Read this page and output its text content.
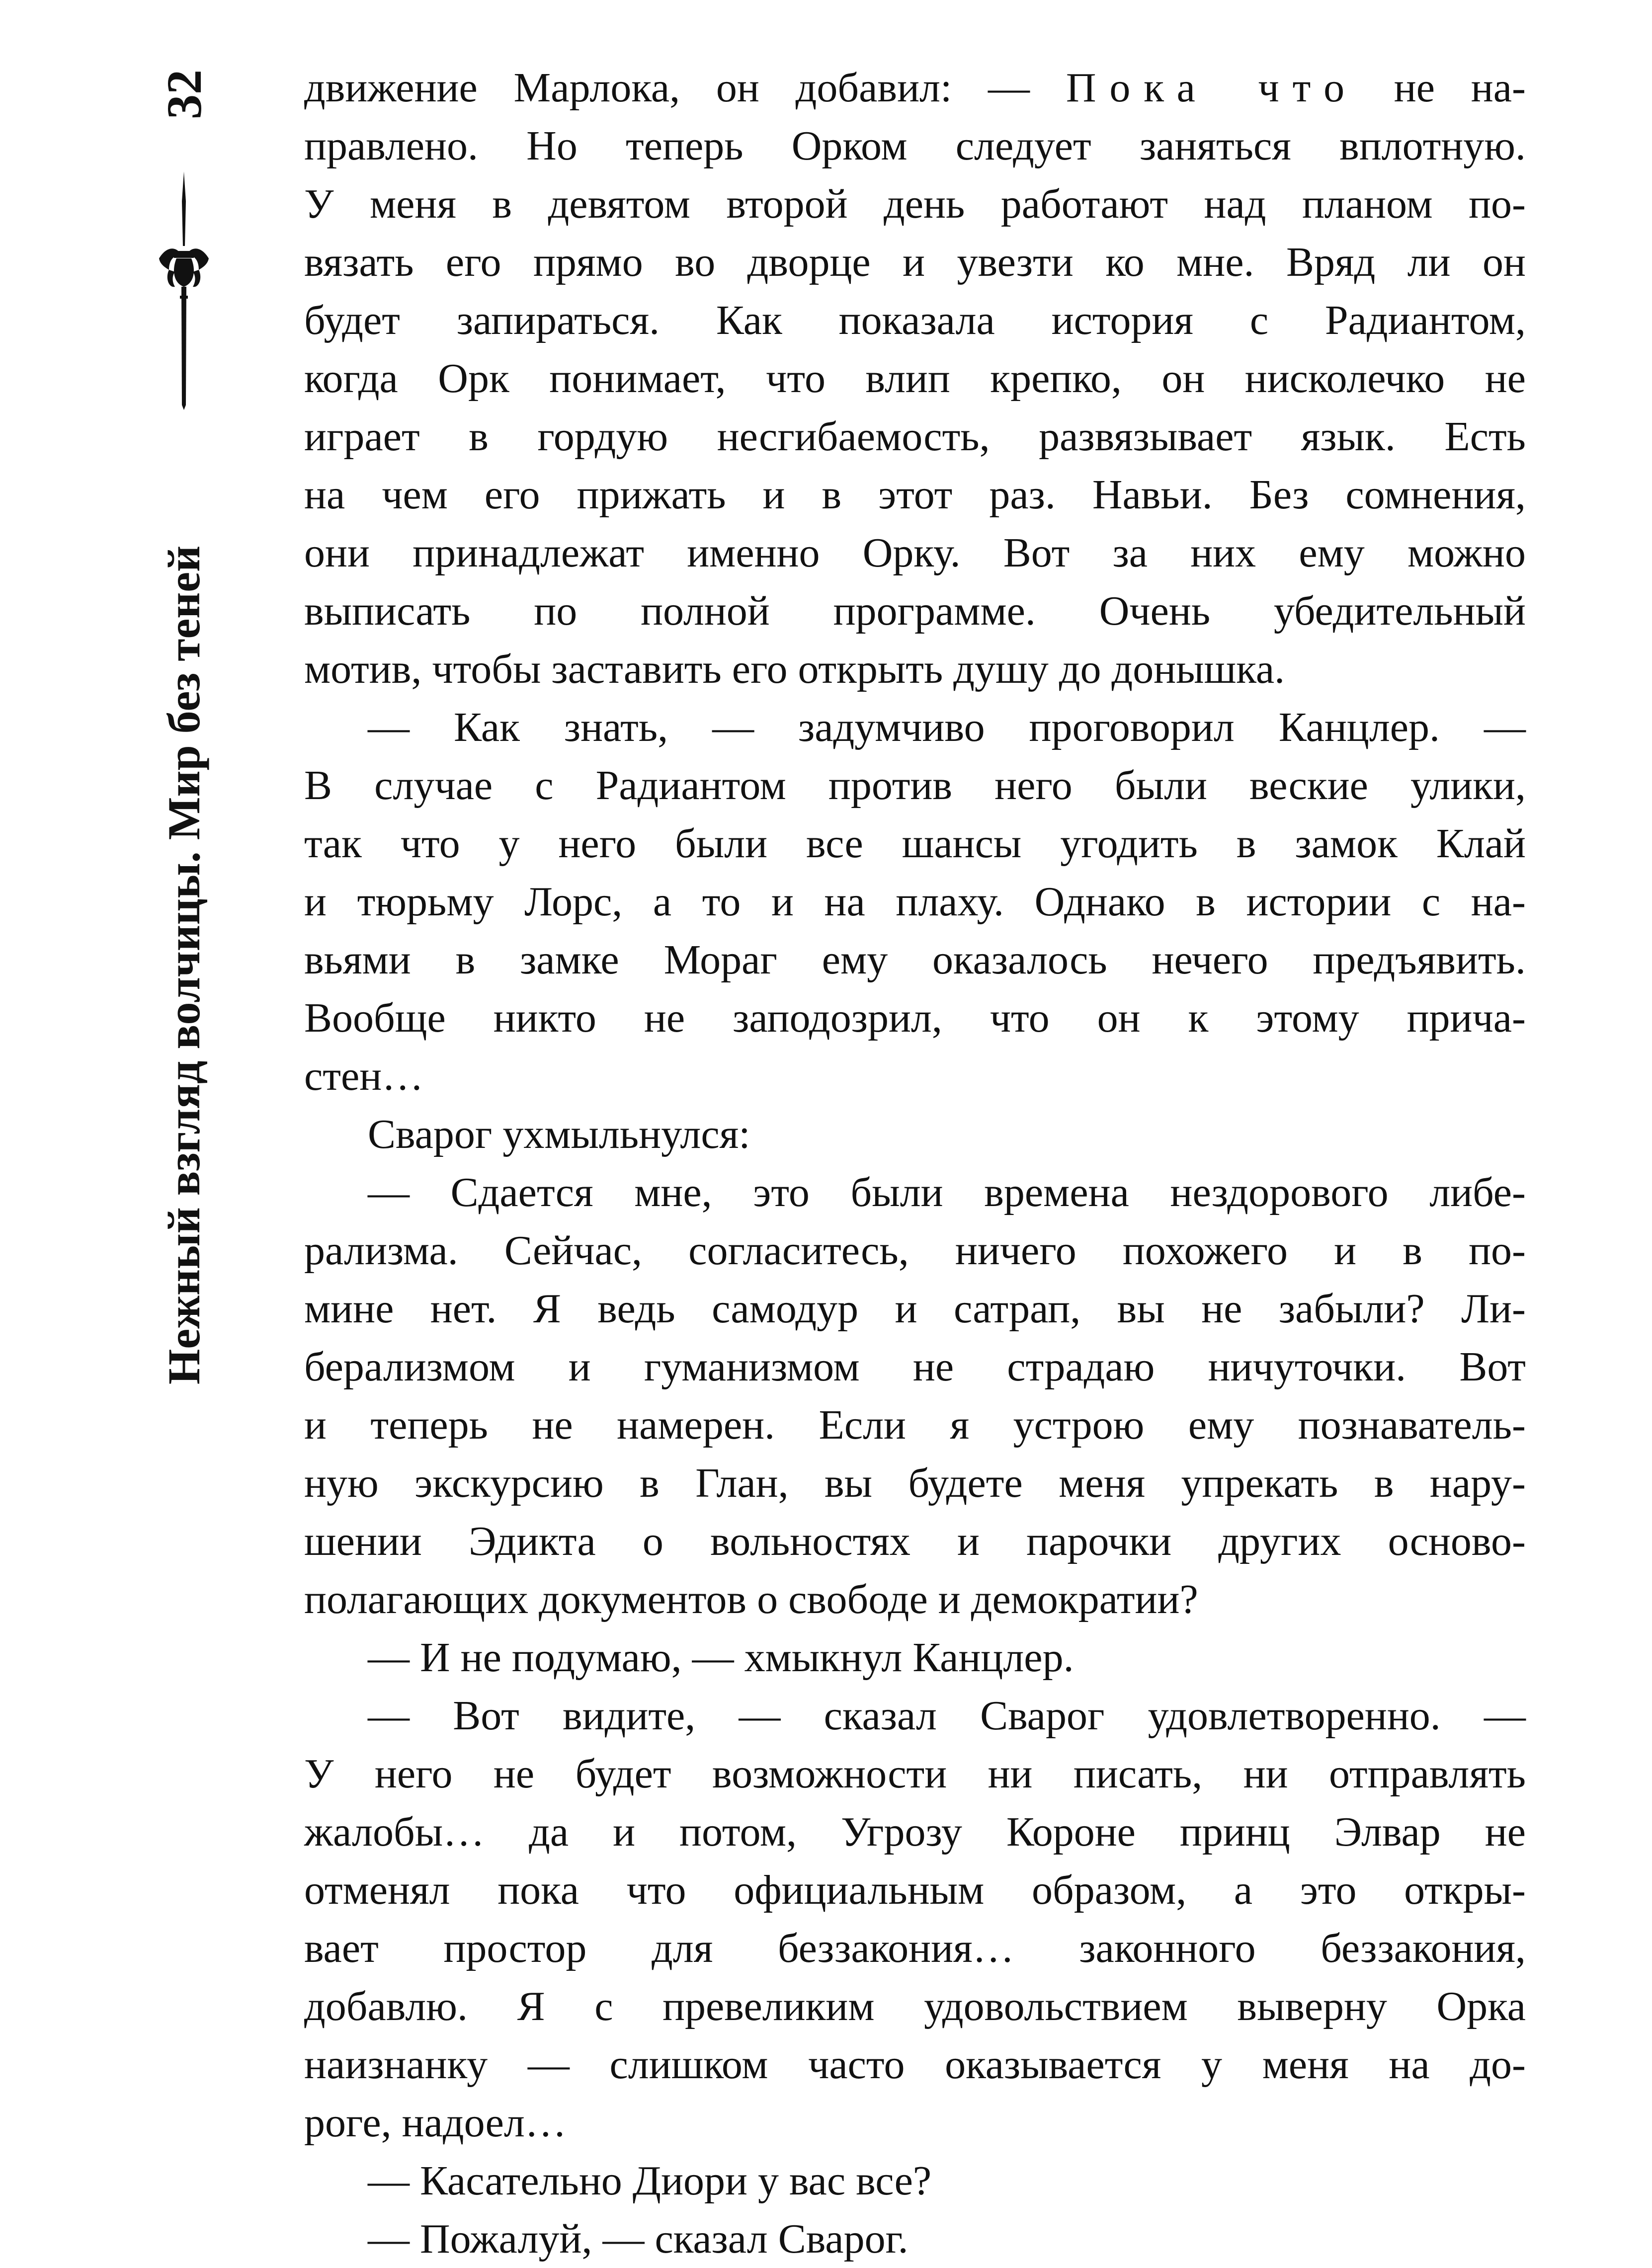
32
Нежный взгляд волчицы. Мир без теней
движение Марлока, он добавил: — Пока что не на-
правлено. Но теперь Орком следует заняться вплотную.
У меня в девятом второй день работают над планом по-
вязать его прямо во дворце и увезти ко мне. Вряд ли он
будет запираться. Как показала история с Радиантом,
когда Орк понимает, что влип крепко, он нисколечко не
играет в гордую несгибаемость, развязывает язык. Есть
на чем его прижать и в этот раз. Навьи. Без сомнения,
они принадлежат именно Орку. Вот за них ему можно
выписать по полной программе. Очень убедительный
мотив, чтобы заставить его открыть душу до донышка.
— Как знать, — задумчиво проговорил Канцлер. —
В случае с Радиантом против него были веские улики,
так что у него были все шансы угодить в замок Клай
и тюрьму Лорс, а то и на плаху. Однако в истории с на-
вьями в замке Мораг ему оказалось нечего предъявить.
Вообще никто не заподозрил, что он к этому прича-
стен…
Сварог ухмыльнулся:
— Сдается мне, это были времена нездорового либе-
рализма. Сейчас, согласитесь, ничего похожего и в по-
мине нет. Я ведь самодур и сатрап, вы не забыли? Ли-
берализмом и гуманизмом не страдаю ничуточки. Вот
и теперь не намерен. Если я устрою ему познаватель-
ную экскурсию в Глан, вы будете меня упрекать в нару-
шении Эдикта о вольностях и парочки других осново-
полагающих документов о свободе и демократии?
— И не подумаю, — хмыкнул Канцлер.
— Вот видите, — сказал Сварог удовлетворенно. —
У него не будет возможности ни писать, ни отправлять
жалобы… да и потом, Угрозу Короне принц Элвар не
отменял пока что официальным образом, а это откры-
вает простор для беззакония… законного беззакония,
добавлю. Я с превеликим удовольствием выверну Орка
наизнанку — слишком часто оказывается у меня на до-
роге, надоел…
— Касательно Диори у вас все?
— Пожалуй, — сказал Сварог.
